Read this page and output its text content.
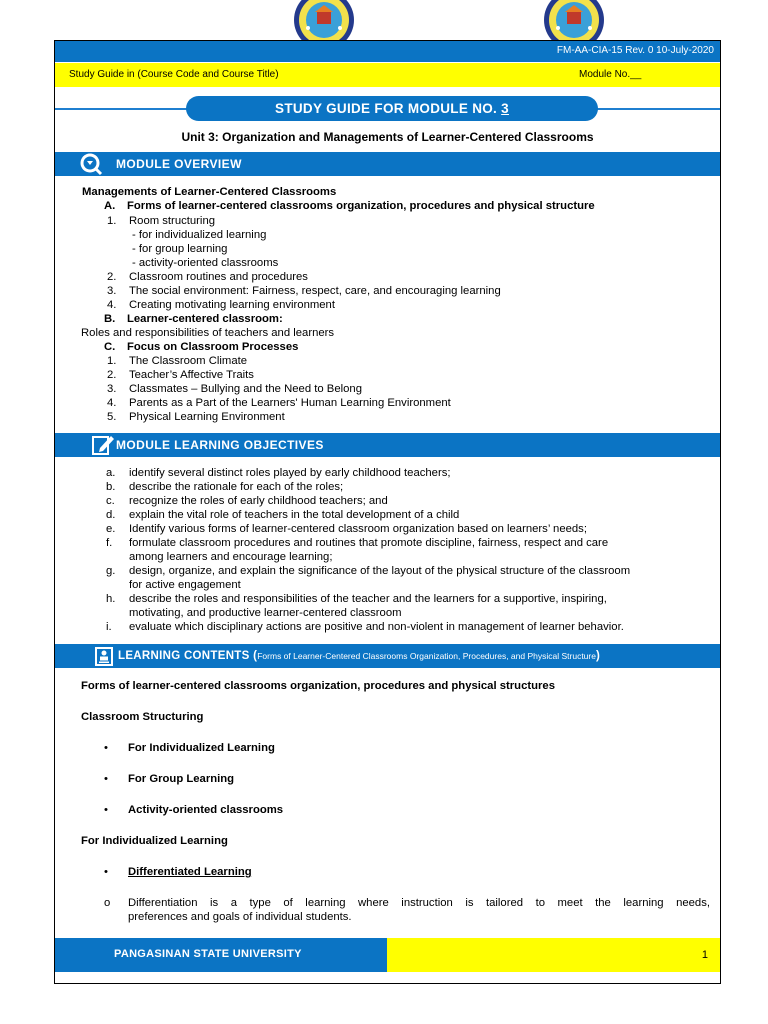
FM-AA-CIA-15 Rev. 0 10-July-2020
Study Guide in (Course Code and Course Title)	Module No.__
STUDY GUIDE FOR MODULE NO. 3
Unit 3: Organization and Managements of Learner-Centered Classrooms
MODULE OVERVIEW
Managements of Learner-Centered Classrooms
A. Forms of learner-centered classrooms organization, procedures and physical structure
1. Room structuring
- for individualized learning
- for group learning
- activity-oriented classrooms
2. Classroom routines and procedures
3. The social environment: Fairness, respect, care, and encouraging learning
4. Creating motivating learning environment
B. Learner-centered classroom:
Roles and responsibilities of teachers and learners
C. Focus on Classroom Processes
1. The Classroom Climate
2. Teacher’s Affective Traits
3. Classmates – Bullying and the Need to Belong
4. Parents as a Part of the Learners' Human Learning Environment
5. Physical Learning Environment
MODULE LEARNING OBJECTIVES
a. identify several distinct roles played by early childhood teachers;
b. describe the rationale for each of the roles;
c. recognize the roles of early childhood teachers; and
d. explain the vital role of teachers in the total development of a child
e. Identify various forms of learner-centered classroom organization based on learners’ needs;
f. formulate classroom procedures and routines that promote discipline, fairness, respect and care
among learners and encourage learning;
g. design, organize, and explain the significance of the layout of the physical structure of the classroom
for active engagement
h. describe the roles and responsibilities of the teacher and the learners for a supportive, inspiring,
motivating, and productive learner-centered classroom
i. evaluate which disciplinary actions are positive and non-violent in management of learner behavior.
LEARNING CONTENTS (Forms of Learner-Centered Classrooms Organization, Procedures, and Physical Structure)
Forms of learner-centered classrooms organization, procedures and physical structures
Classroom Structuring
• For Individualized Learning
• For Group Learning
• Activity-oriented classrooms
For Individualized Learning
• Differentiated Learning
o Differentiation is a type of learning where instruction is tailored to meet the learning needs,
preferences and goals of individual students.
PANGASINAN STATE UNIVERSITY	1
